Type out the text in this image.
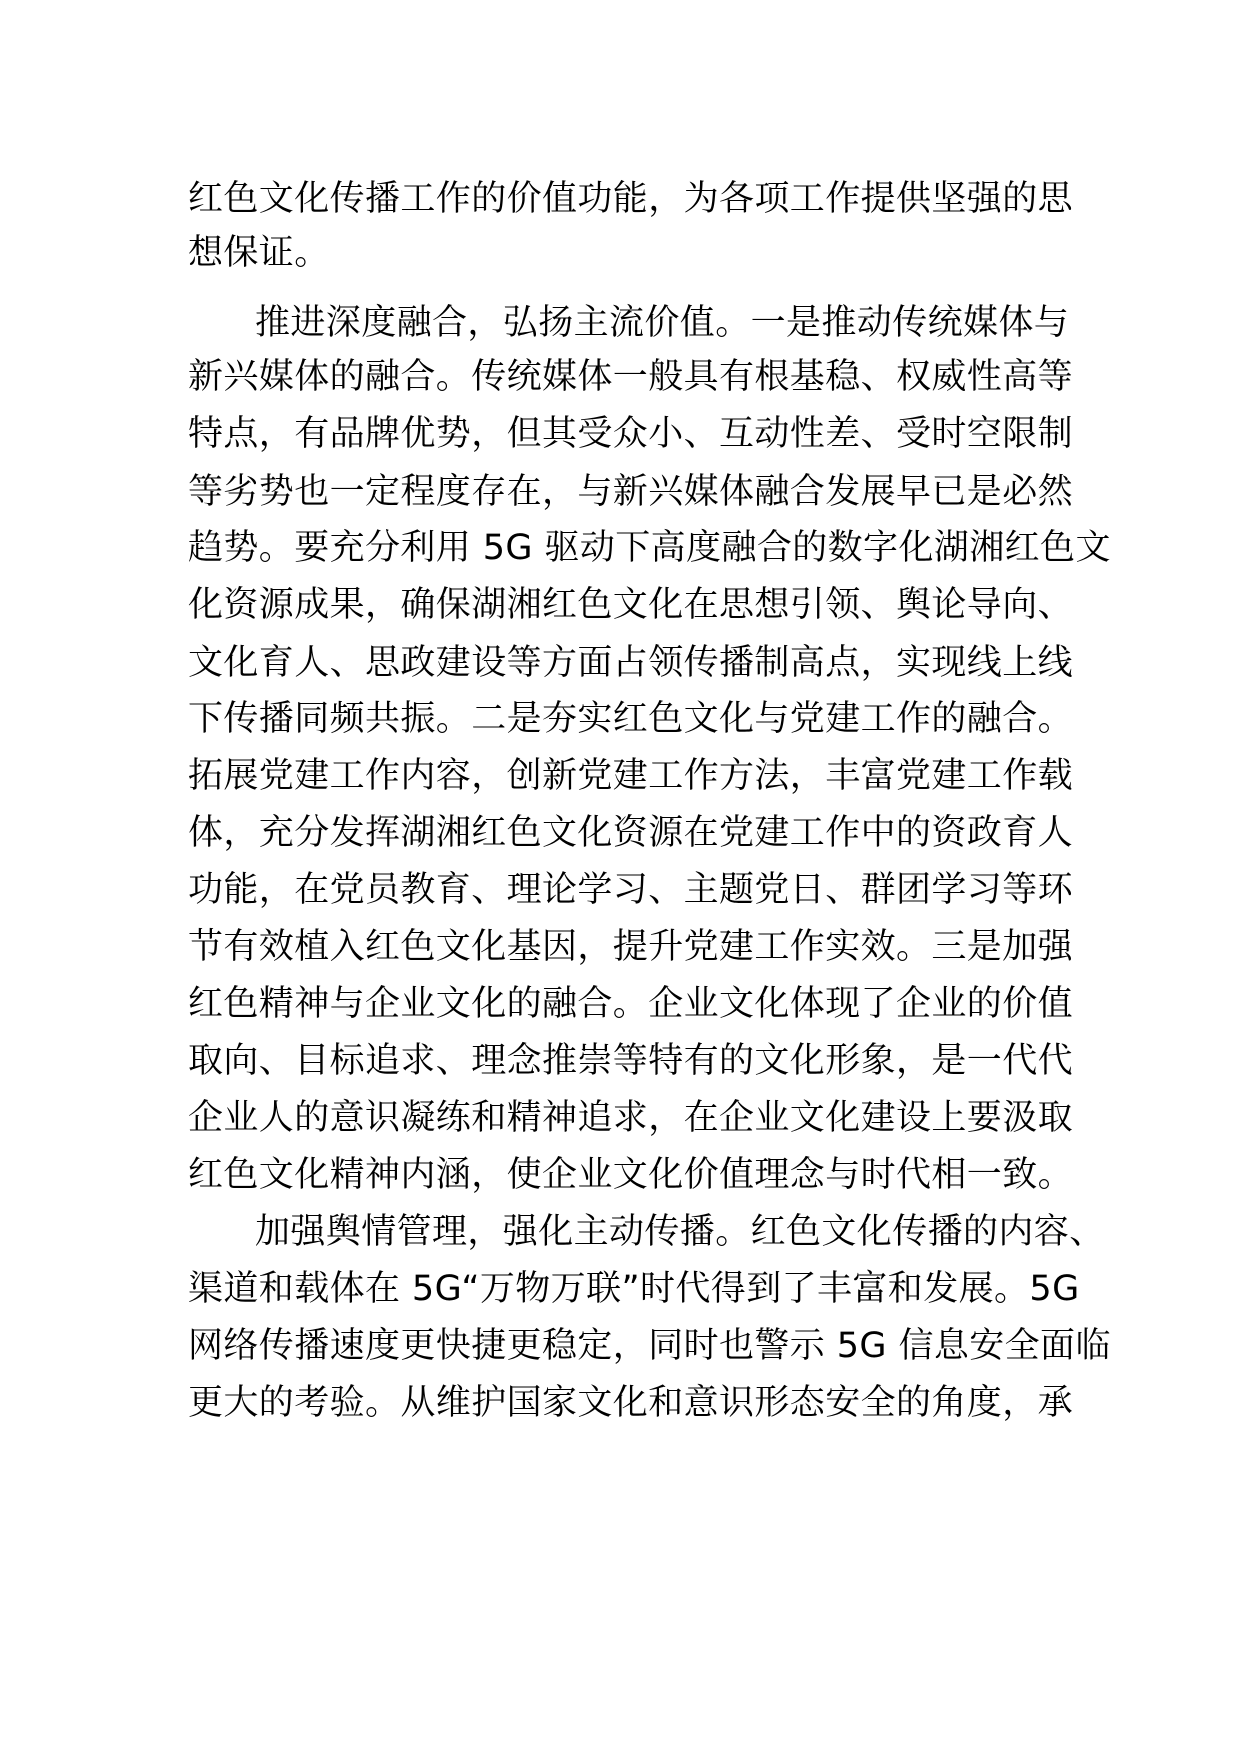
红色文化传播工作的价值功能，为各项工作提供坚强的思
想保证。
推进深度融合，弘扬主流价值。一是推动传统媒体与
新兴媒体的融合。传统媒体一般具有根基稳、权威性高等
特点，有品牌优势，但其受众小、互动性差、受时空限制
等劣势也一定程度存在，与新兴媒体融合发展早已是必然
趋势。要充分利用 5G 驱动下高度融合的数字化湖湘红色文
化资源成果，确保湖湘红色文化在思想引领、舆论导向、
文化育人、思政建设等方面占领传播制高点，实现线上线
下传播同频共振。二是夯实红色文化与党建工作的融合。
拓展党建工作内容，创新党建工作方法，丰富党建工作载
体，充分发挥湖湘红色文化资源在党建工作中的资政育人
功能，在党员教育、理论学习、主题党日、群团学习等环
节有效植入红色文化基因，提升党建工作实效。三是加强
红色精神与企业文化的融合。企业文化体现了企业的价值
取向、目标追求、理念推崇等特有的文化形象，是一代代
企业人的意识凝练和精神追求，在企业文化建设上要汲取
红色文化精神内涵，使企业文化价值理念与时代相一致。
加强舆情管理，强化主动传播。红色文化传播的内容、
渠道和载体在 5G“万物万联”时代得到了丰富和发展。5G
网络传播速度更快捷更稳定，同时也警示 5G 信息安全面临
更大的考验。从维护国家文化和意识形态安全的角度，承
